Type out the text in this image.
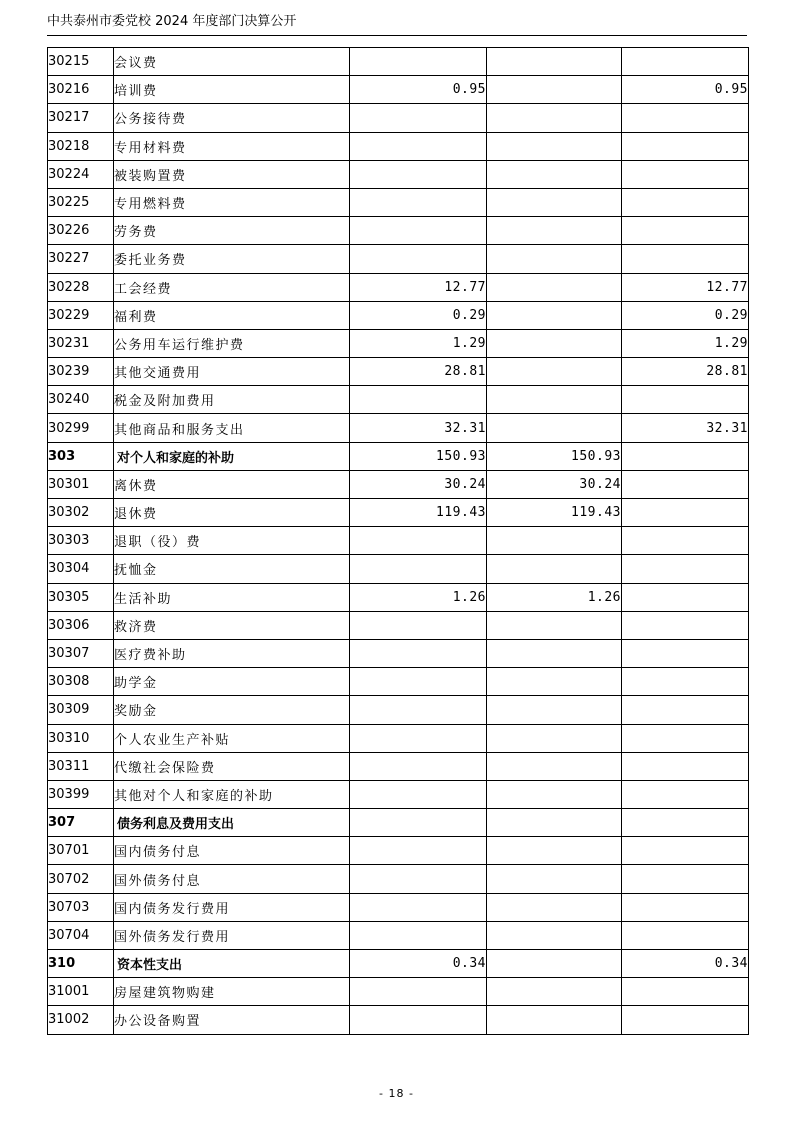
中共泰州市委党校 2024 年度部门决算公开
30215	会议费			
30216	培训费	0.95		0.95
30217	公务接待费			
30218	专用材料费			
30224	被装购置费			
30225	专用燃料费			
30226	劳务费			
30227	委托业务费			
30228	工会经费	12.77		12.77
30229	福利费	0.29		0.29
30231	公务用车运行维护费	1.29		1.29
30239	其他交通费用	28.81		28.81
30240	税金及附加费用			
30299	其他商品和服务支出	32.31		32.31
303	对个人和家庭的补助	150.93	150.93	
30301	离休费	30.24	30.24	
30302	退休费	119.43	119.43	
30303	退职（役）费			
30304	抚恤金			
30305	生活补助	1.26	1.26	
30306	救济费			
30307	医疗费补助			
30308	助学金			
30309	奖励金			
30310	个人农业生产补贴			
30311	代缴社会保险费			
30399	其他对个人和家庭的补助			
307	债务利息及费用支出			
30701	国内债务付息			
30702	国外债务付息			
30703	国内债务发行费用			
30704	国外债务发行费用			
310	资本性支出	0.34		0.34
31001	房屋建筑物购建			
31002	办公设备购置			
- 18 -
